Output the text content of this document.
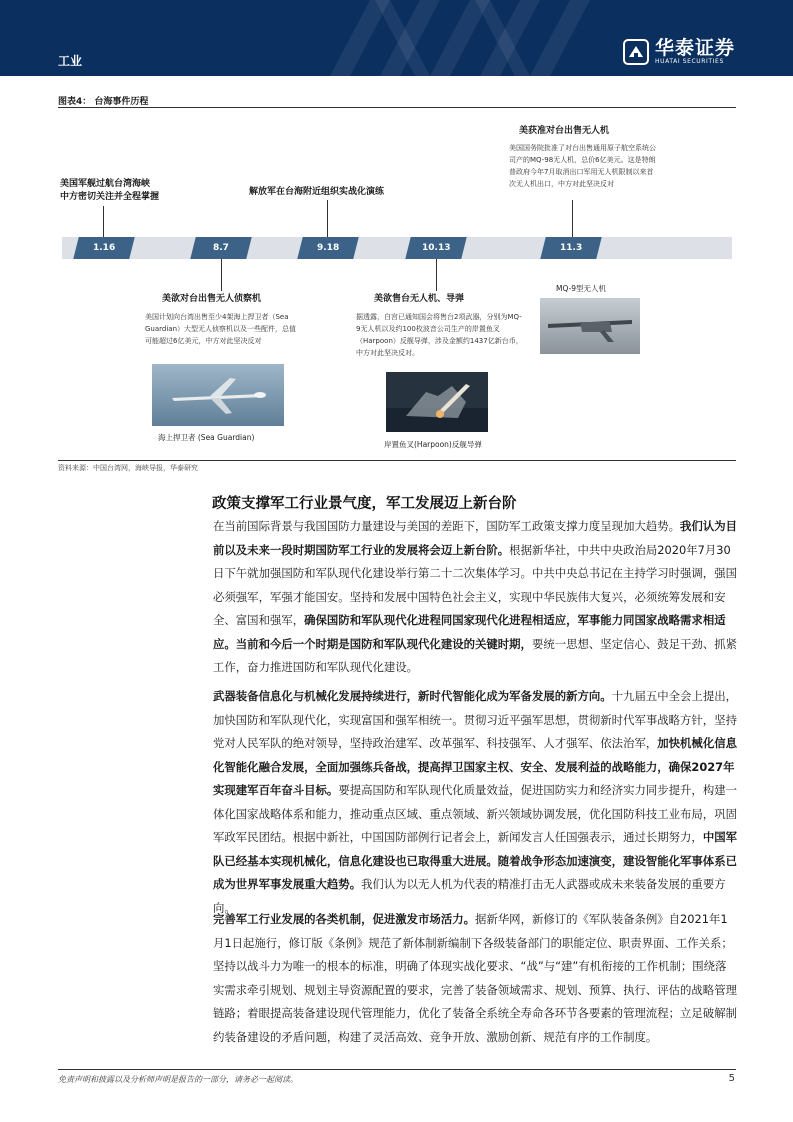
工业
华泰证券
HUATAI SECURITIES
图表4： 台海事件历程
美国军舰过航台湾海峡
中方密切关注并全程掌握	解放军在台海附近组织实战化演练
美获准对台出售无人机
美国国务院批准了对台出售通用原子航空系统公司产的MQ-98无人机，总价6亿美元。这是特朗普政府今年7月取消出口军用无人机限制以来首次无人机出口，中方对此坚决反对
1.16	8.7	9.18	10.13	11.3
美欲对台出售无人侦察机
美国计划向台湾出售至少4架海上捍卫者（Sea Guardian）大型无人侦察机以及一些配件，总值可能超过6亿美元，中方对此坚决反对
美欲售台无人机、导弹
据透露，白宫已通知国会将售台2项武器，分别为MQ-9无人机以及约100枚波音公司生产的岸置鱼叉（Harpoon）反舰导弹，涉及金额约1437亿新台币，中方对此坚决反对。
海上捍卫者 (Sea Guardian)
岸置鱼叉(Harpoon)反舰导弹
MQ-9型无人机
资料来源：中国台湾网，海峡导报，华泰研究
政策支撑军工行业景气度，军工发展迈上新台阶
在当前国际背景与我国国防力量建设与美国的差距下，国防军工政策支撑力度呈现加大趋势。我们认为目前以及未来一段时期国防军工行业的发展将会迈上新台阶。根据新华社，中共中央政治局2020年7月30日下午就加强国防和军队现代化建设举行第二十二次集体学习。中共中央总书记在主持学习时强调，强国必须强军，军强才能国安。坚持和发展中国特色社会主义，实现中华民族伟大复兴，必须统筹发展和安全、富国和强军，确保国防和军队现代化进程同国家现代化进程相适应，军事能力同国家战略需求相适应。当前和今后一个时期是国防和军队现代化建设的关键时期，要统一思想、坚定信心、鼓足干劲、抓紧工作，奋力推进国防和军队现代化建设。
武器装备信息化与机械化发展持续进行，新时代智能化成为军备发展的新方向。十九届五中全会上提出，加快国防和军队现代化，实现富国和强军相统一。贯彻习近平强军思想，贯彻新时代军事战略方针，坚持党对人民军队的绝对领导，坚持政治建军、改革强军、科技强军、人才强军、依法治军，加快机械化信息化智能化融合发展，全面加强练兵备战，提高捍卫国家主权、安全、发展利益的战略能力，确保2027年实现建军百年奋斗目标。要提高国防和军队现代化质量效益，促进国防实力和经济实力同步提升，构建一体化国家战略体系和能力，推动重点区域、重点领域、新兴领域协调发展，优化国防科技工业布局，巩固军政军民团结。根据中新社，中国国防部例行记者会上，新闻发言人任国强表示，通过长期努力，中国军队已经基本实现机械化，信息化建设也已取得重大进展。随着战争形态加速演变，建设智能化军事体系已成为世界军事发展重大趋势。我们认为以无人机为代表的精准打击无人武器或成未来装备发展的重要方向。
完善军工行业发展的各类机制，促进激发市场活力。据新华网，新修订的《军队装备条例》自2021年1月1日起施行，修订版《条例》规范了新体制新编制下各级装备部门的职能定位、职责界面、工作关系；坚持以战斗力为唯一的根本的标准，明确了体现实战化要求、“战”与“建”有机衔接的工作机制；围绕落实需求牵引规划、规划主导资源配置的要求，完善了装备领域需求、规划、预算、执行、评估的战略管理链路；着眼提高装备建设现代管理能力，优化了装备全系统全寿命各环节各要素的管理流程；立足破解制约装备建设的矛盾问题，构建了灵活高效、竞争开放、激励创新、规范有序的工作制度。
免责声明和披露以及分析师声明是报告的一部分，请务必一起阅读。	5
